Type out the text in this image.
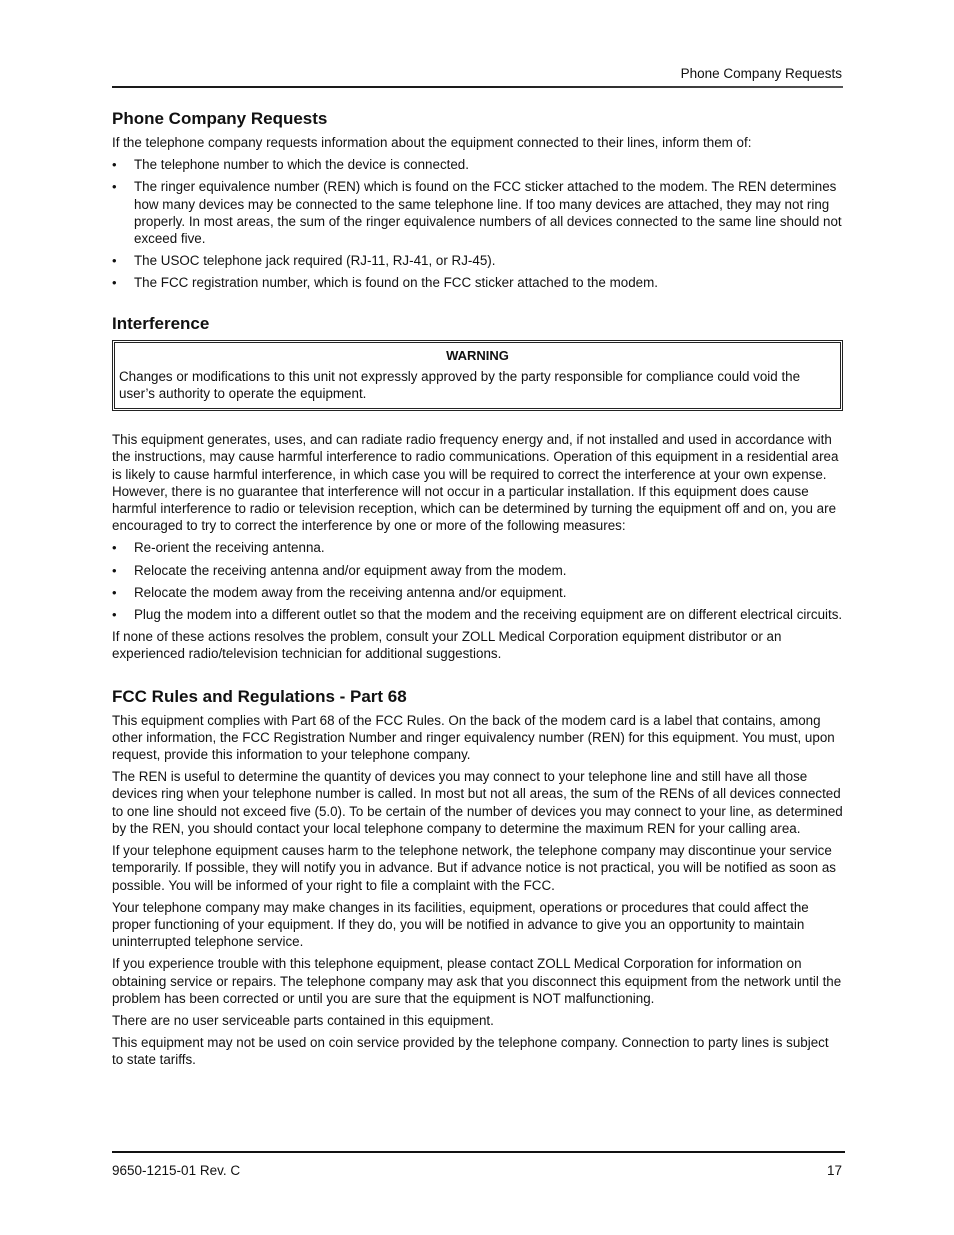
Phone Company Requests
Phone Company Requests

If the telephone company requests information about the equipment connected to their lines, inform them of:

• The telephone number to which the device is connected.
• The ringer equivalence number (REN) which is found on the FCC sticker attached to the modem. The REN determines how many devices may be connected to the same telephone line. If too many devices are attached, they may not ring properly. In most areas, the sum of the ringer equivalence numbers of all devices connected to the same line should not exceed five.
• The USOC telephone jack required (RJ-11, RJ-41, or RJ-45).
• The FCC registration number, which is found on the FCC sticker attached to the modem.
Interference
WARNING
Changes or modifications to this unit not expressly approved by the party responsible for compliance could void the user’s authority to operate the equipment.

This equipment generates, uses, and can radiate radio frequency energy and, if not installed and used in accordance with the instructions, may cause harmful interference to radio communications. Operation of this equipment in a residential area is likely to cause harmful interference, in which case you will be required to correct the interference at your own expense. However, there is no guarantee that interference will not occur in a particular installation. If this equipment does cause harmful interference to radio or television reception, which can be determined by turning the equipment off and on, you are encouraged to try to correct the interference by one or more of the following measures:

• Re-orient the receiving antenna.
• Relocate the receiving antenna and/or equipment away from the modem.
• Relocate the modem away from the receiving antenna and/or equipment.
• Plug the modem into a different outlet so that the modem and the receiving equipment are on different electrical circuits.

If none of these actions resolves the problem, consult your ZOLL Medical Corporation equipment distributor or an experienced radio/television technician for additional suggestions.

FCC Rules and Regulations - Part 68

This equipment complies with Part 68 of the FCC Rules. On the back of the modem card is a label that contains, among other information, the FCC Registration Number and ringer equivalency number (REN) for this equipment. You must, upon request, provide this information to your telephone company.

The REN is useful to determine the quantity of devices you may connect to your telephone line and still have all those devices ring when your telephone number is called. In most but not all areas, the sum of the RENs of all devices connected to one line should not exceed five (5.0). To be certain of the number of devices you may connect to your line, as determined by the REN, you should contact your local telephone company to determine the maximum REN for your calling area.

If your telephone equipment causes harm to the telephone network, the telephone company may discontinue your service temporarily. If possible, they will notify you in advance. But if advance notice is not practical, you will be notified as soon as possible. You will be informed of your right to file a complaint with the FCC.

Your telephone company may make changes in its facilities, equipment, operations or procedures that could affect the proper functioning of your equipment. If they do, you will be notified in advance to give you an opportunity to maintain uninterrupted telephone service.

If you experience trouble with this telephone equipment, please contact ZOLL Medical Corporation for information on obtaining service or repairs. The telephone company may ask that you disconnect this equipment from the network until the problem has been corrected or until you are sure that the equipment is NOT malfunctioning.

There are no user serviceable parts contained in this equipment.

This equipment may not be used on coin service provided by the telephone company. Connection to party lines is subject to state tariffs.

9650-1215-01 Rev. C	17
